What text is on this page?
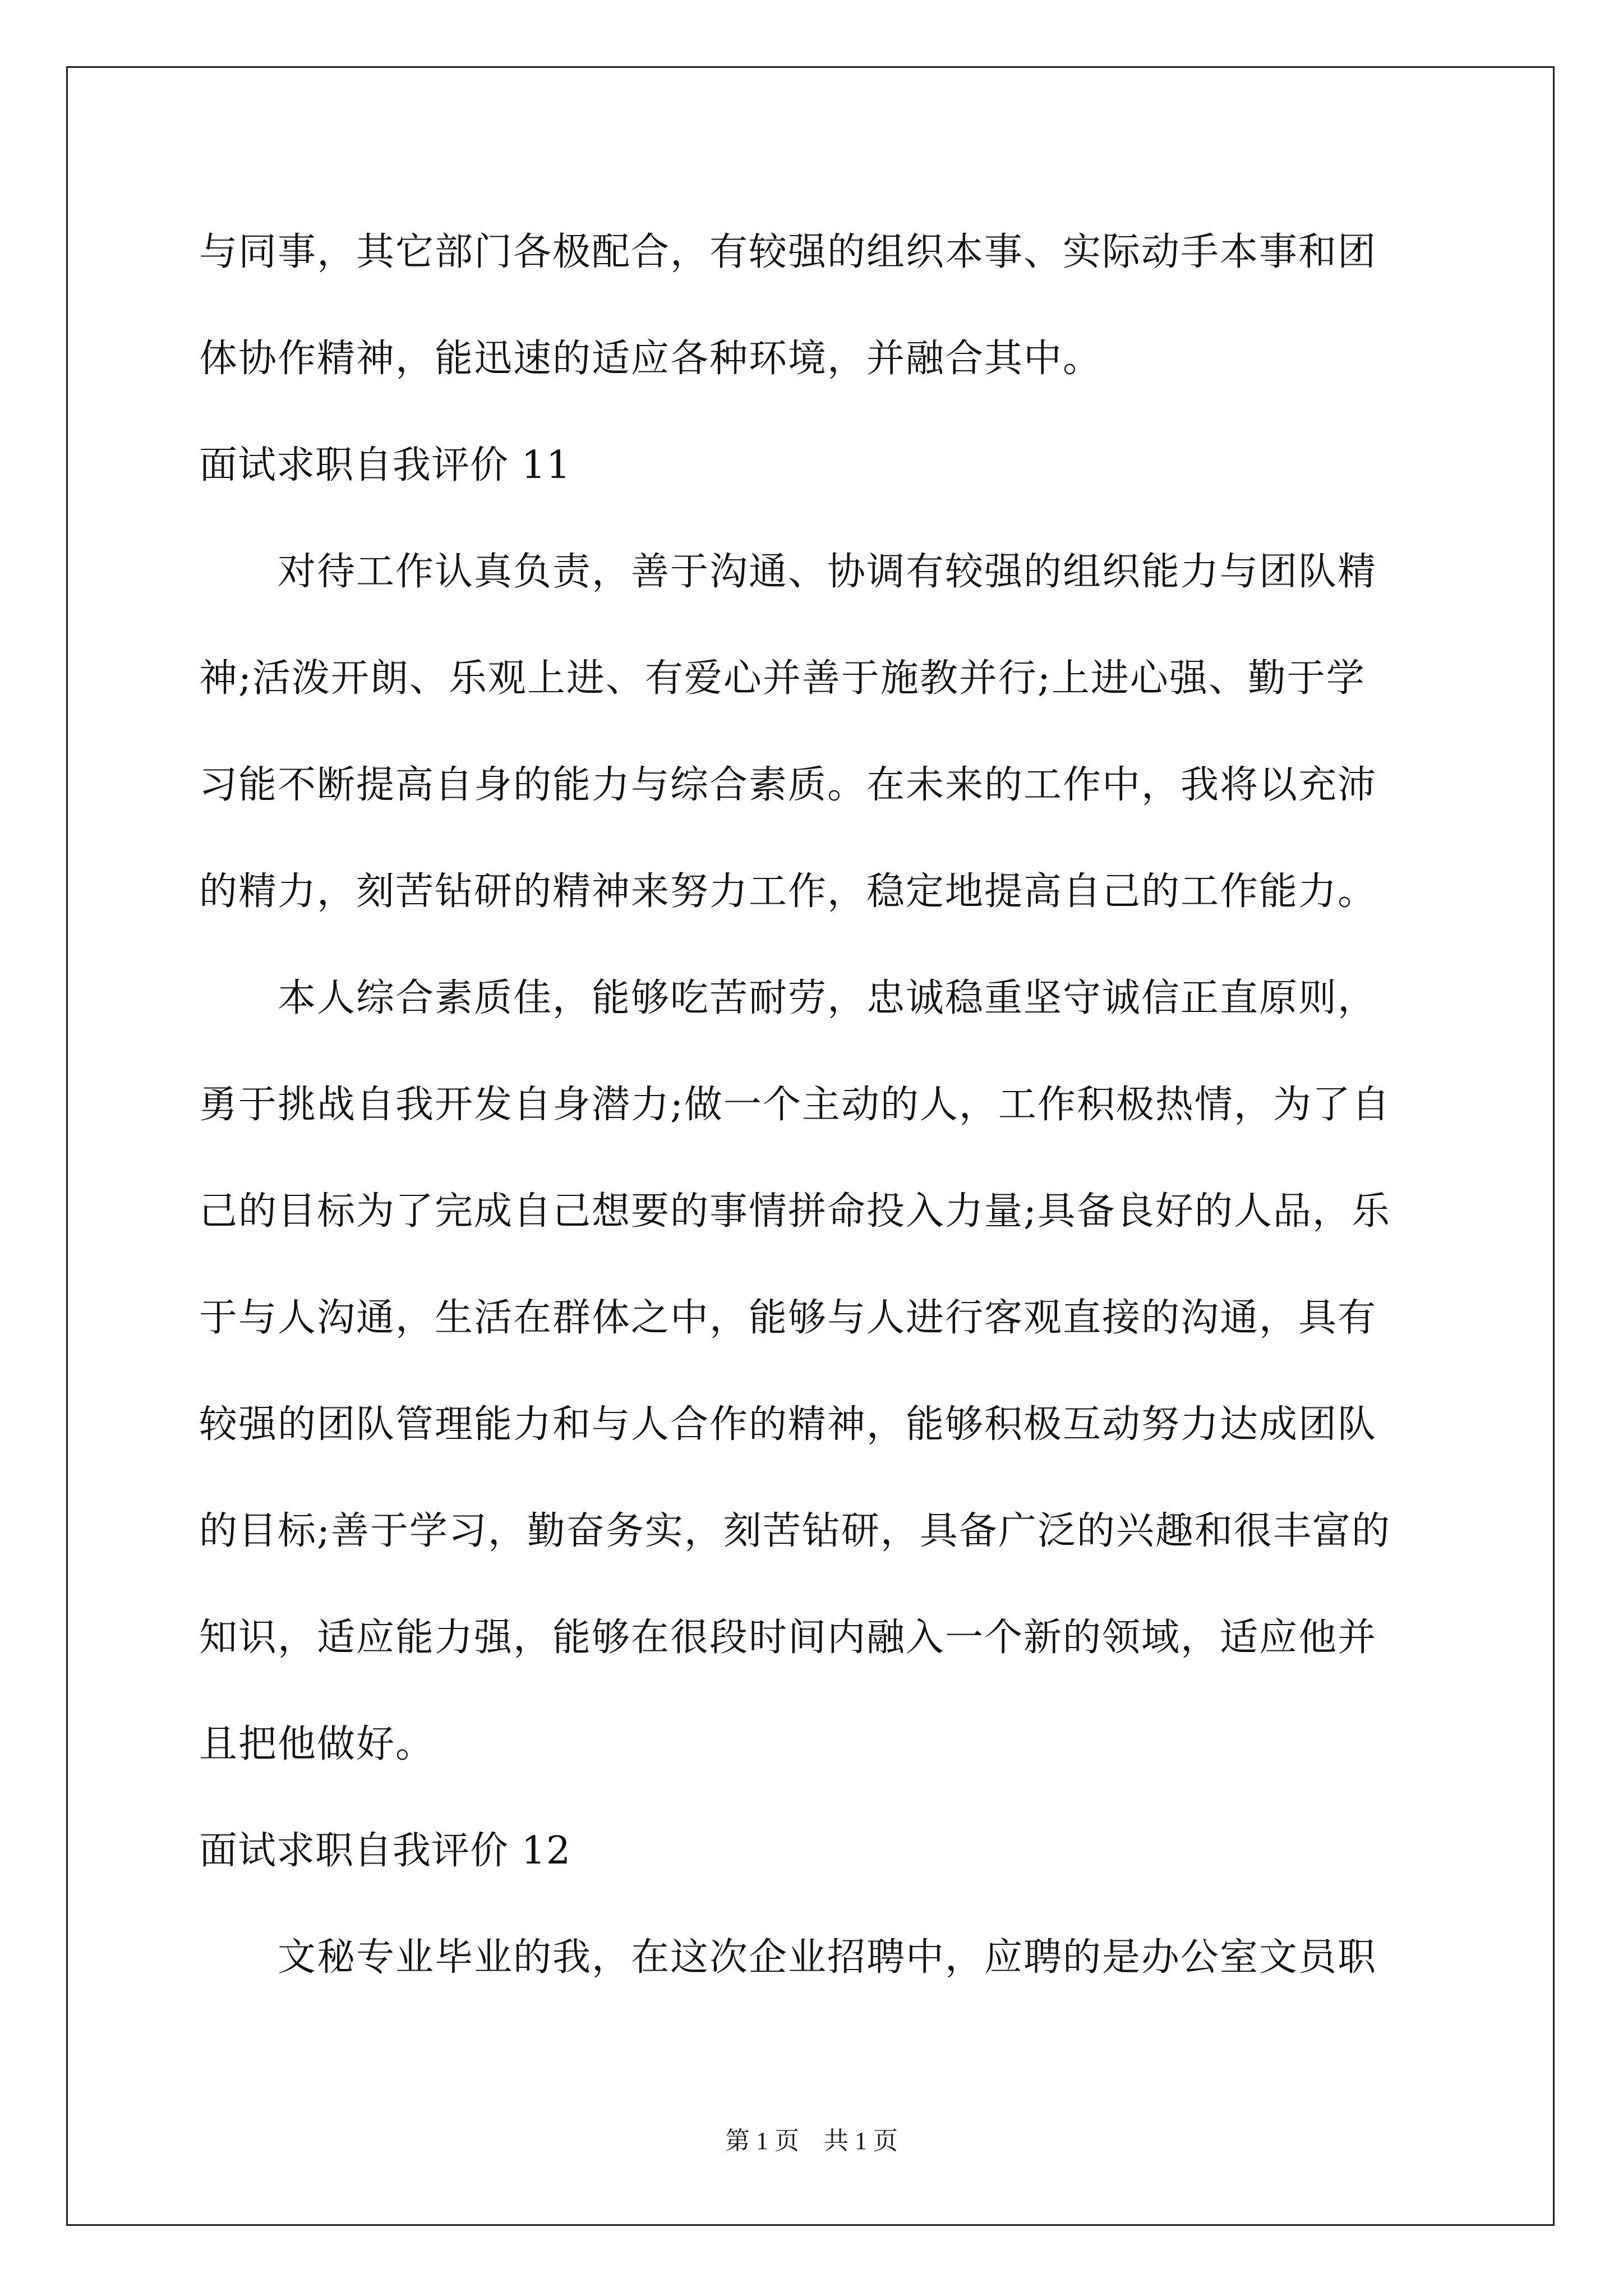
与同事，其它部门各极配合，有较强的组织本事、实际动手本事和团
体协作精神，能迅速的适应各种环境，并融合其中。
面试求职自我评价 11
　　对待工作认真负责，善于沟通、协调有较强的组织能力与团队精
神;活泼开朗、乐观上进、有爱心并善于施教并行;上进心强、勤于学
习能不断提高自身的能力与综合素质。在未来的工作中，我将以充沛
的精力，刻苦钻研的精神来努力工作，稳定地提高自己的工作能力。
　　本人综合素质佳，能够吃苦耐劳，忠诚稳重坚守诚信正直原则，
勇于挑战自我开发自身潜力;做一个主动的人，工作积极热情，为了自
己的目标为了完成自己想要的事情拼命投入力量;具备良好的人品，乐
于与人沟通，生活在群体之中，能够与人进行客观直接的沟通，具有
较强的团队管理能力和与人合作的精神，能够积极互动努力达成团队
的目标;善于学习，勤奋务实，刻苦钻研，具备广泛的兴趣和很丰富的
知识，适应能力强，能够在很段时间内融入一个新的领域，适应他并
且把他做好。
面试求职自我评价 12
　　文秘专业毕业的我，在这次企业招聘中，应聘的是办公室文员职
第 1 页　共 1 页
